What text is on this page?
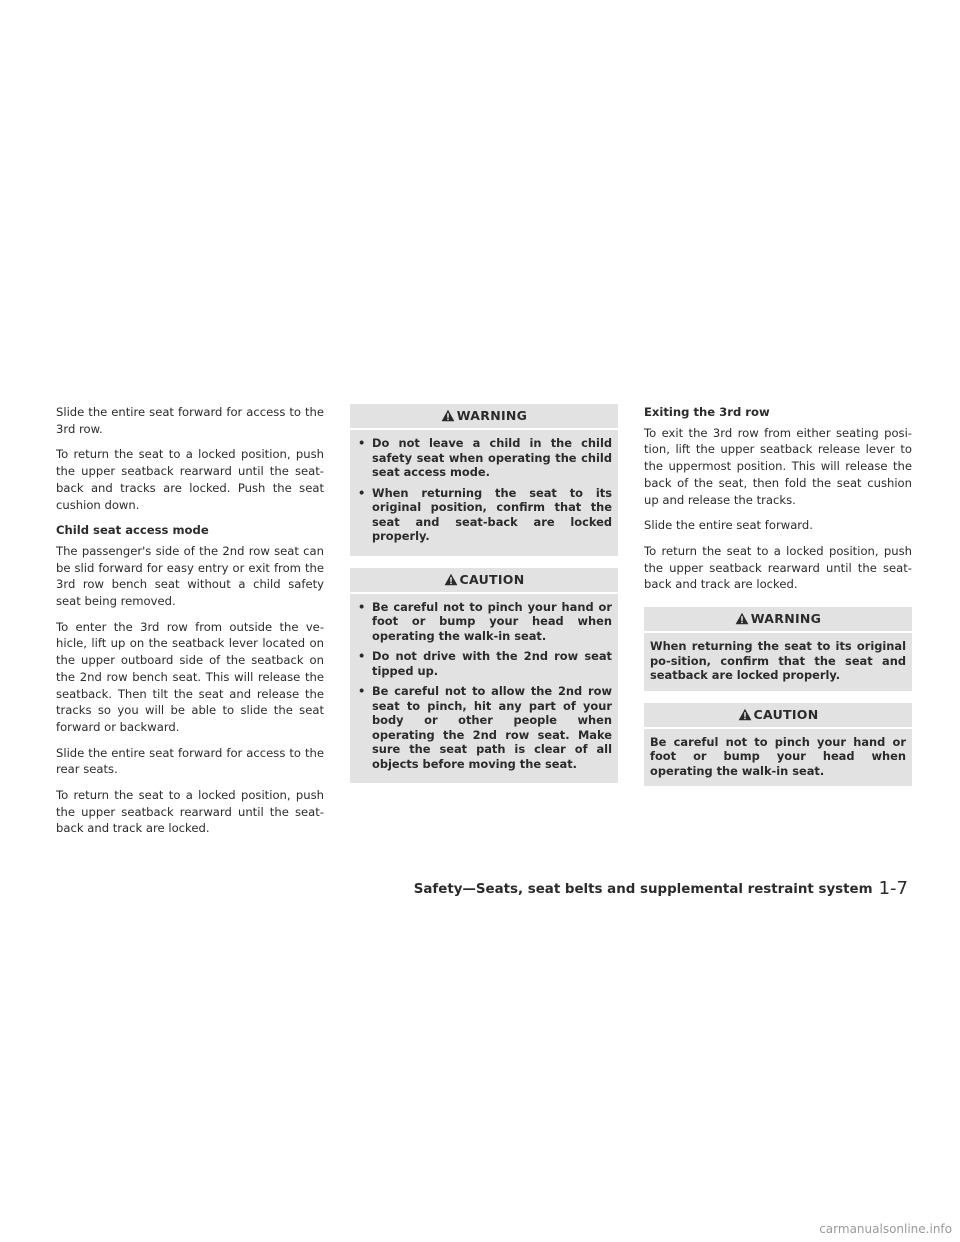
Slide the entire seat forward for access to the 3rd row.

To return the seat to a locked position, push the upper seatback rearward until the seat-back and tracks are locked. Push the seat cushion down.

Child seat access mode

The passenger's side of the 2nd row seat can be slid forward for easy entry or exit from the 3rd row bench seat without a child safety seat being removed.

To enter the 3rd row from outside the ve-hicle, lift up on the seatback lever located on the upper outboard side of the seatback on the 2nd row bench seat. This will release the seatback. Then tilt the seat and release the tracks so you will be able to slide the seat forward or backward.

Slide the entire seat forward for access to the rear seats.

To return the seat to a locked position, push the upper seatback rearward until the seat-back and track are locked.

WARNING
• Do not leave a child in the child safety seat when operating the child seat access mode.
• When returning the seat to its original position, confirm that the seat and seat-back are locked properly.
CAUTION
• Be careful not to pinch your hand or foot or bump your head when operating the walk-in seat.
• Do not drive with the 2nd row seat tipped up.
• Be careful not to allow the 2nd row seat to pinch, hit any part of your body or other people when operating the 2nd row seat. Make sure the seat path is clear of all objects before moving the seat.
Exiting the 3rd row

To exit the 3rd row from either seating posi-tion, lift the upper seatback release lever to the uppermost position. This will release the back of the seat, then fold the seat cushion up and release the tracks.

Slide the entire seat forward.

To return the seat to a locked position, push the upper seatback rearward until the seat-back and track are locked.

WARNING

When returning the seat to its original po-sition, confirm that the seat and seatback are locked properly.

CAUTION

Be careful not to pinch your hand or foot or bump your head when operating the walk-in seat.

Safety—Seats, seat belts and supplemental restraint system 1-7
carmanualsonline.info
